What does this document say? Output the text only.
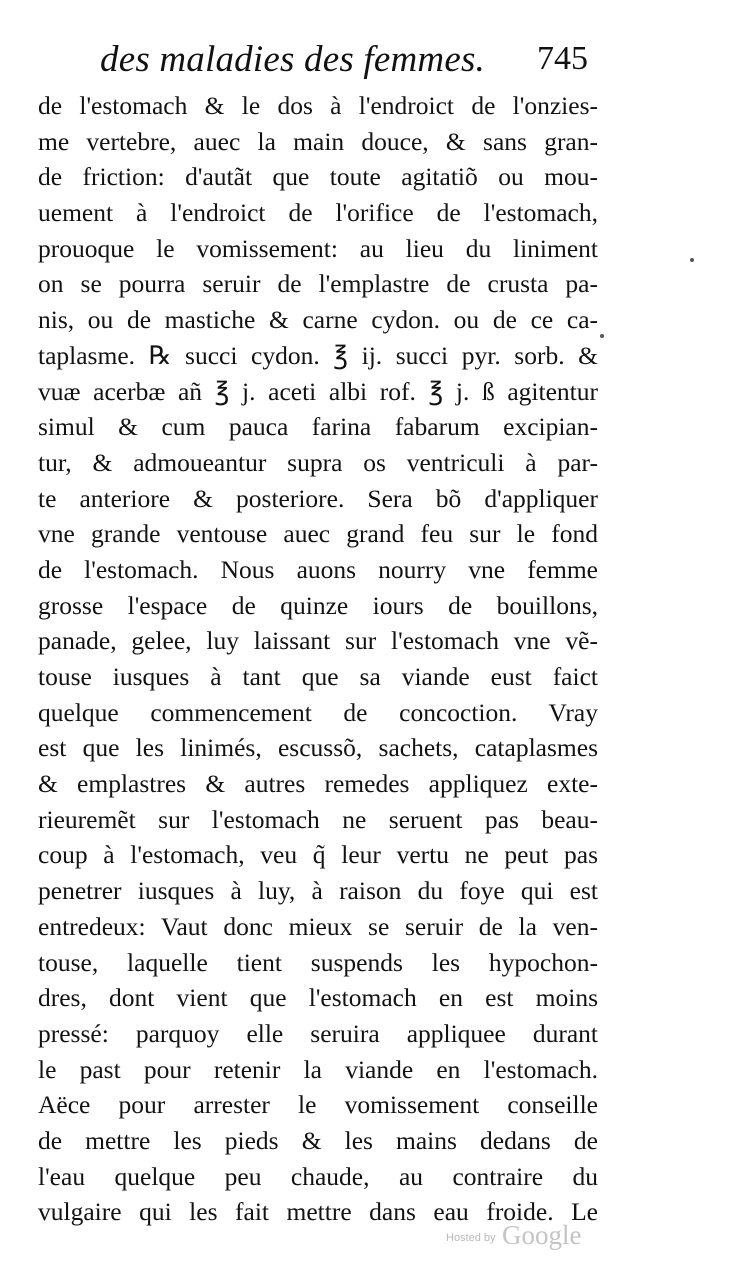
des maladies des femmes. 745
de l'estomach & le dos à l'endroict de l'onzies-
me vertebre, auec la main douce, & sans gran-
de friction: d'autãt que toute agitatiõ ou mou-
uement à l'endroict de l'orifice de l'estomach,
prouoque le vomissement: au lieu du liniment
on se pourra seruir de l'emplastre de crusta pa-
nis, ou de mastiche & carne cydon. ou de ce ca-
taplasme. ℞ succi cydon. ℥ ij. succi pyr. sorb. &
vuæ acerbæ añ ℥ j. aceti albi rof. ℥ j. ß agitentur
simul & cum pauca farina fabarum excipian-
tur, & admoueantur supra os ventriculi à par-
te anteriore & posteriore. Sera bõ d'appliquer
vne grande ventouse auec grand feu sur le fond
de l'estomach. Nous auons nourry vne femme
grosse l'espace de quinze iours de bouillons,
panade, gelee, luy laissant sur l'estomach vne vẽ-
touse iusques à tant que sa viande eust faict
quelque commencement de concoction. Vray
est que les linimés, escussõ, sachets, cataplasmes
& emplastres & autres remedes appliquez exte-
rieuremẽt sur l'estomach ne seruent pas beau-
coup à l'estomach, veu q̃ leur vertu ne peut pas
penetrer iusques à luy, à raison du foye qui est
entredeux: Vaut donc mieux se seruir de la ven-
touse, laquelle tient suspends les hypochon-
dres, dont vient que l'estomach en est moins
pressé: parquoy elle seruira appliquee durant
le past pour retenir la viande en l'estomach.
Aëce pour arrester le vomissement conseille
de mettre les pieds & les mains dedans de
l'eau quelque peu chaude, au contraire du
vulgaire qui les fait mettre dans eau froide. Le
Hosted by Google
